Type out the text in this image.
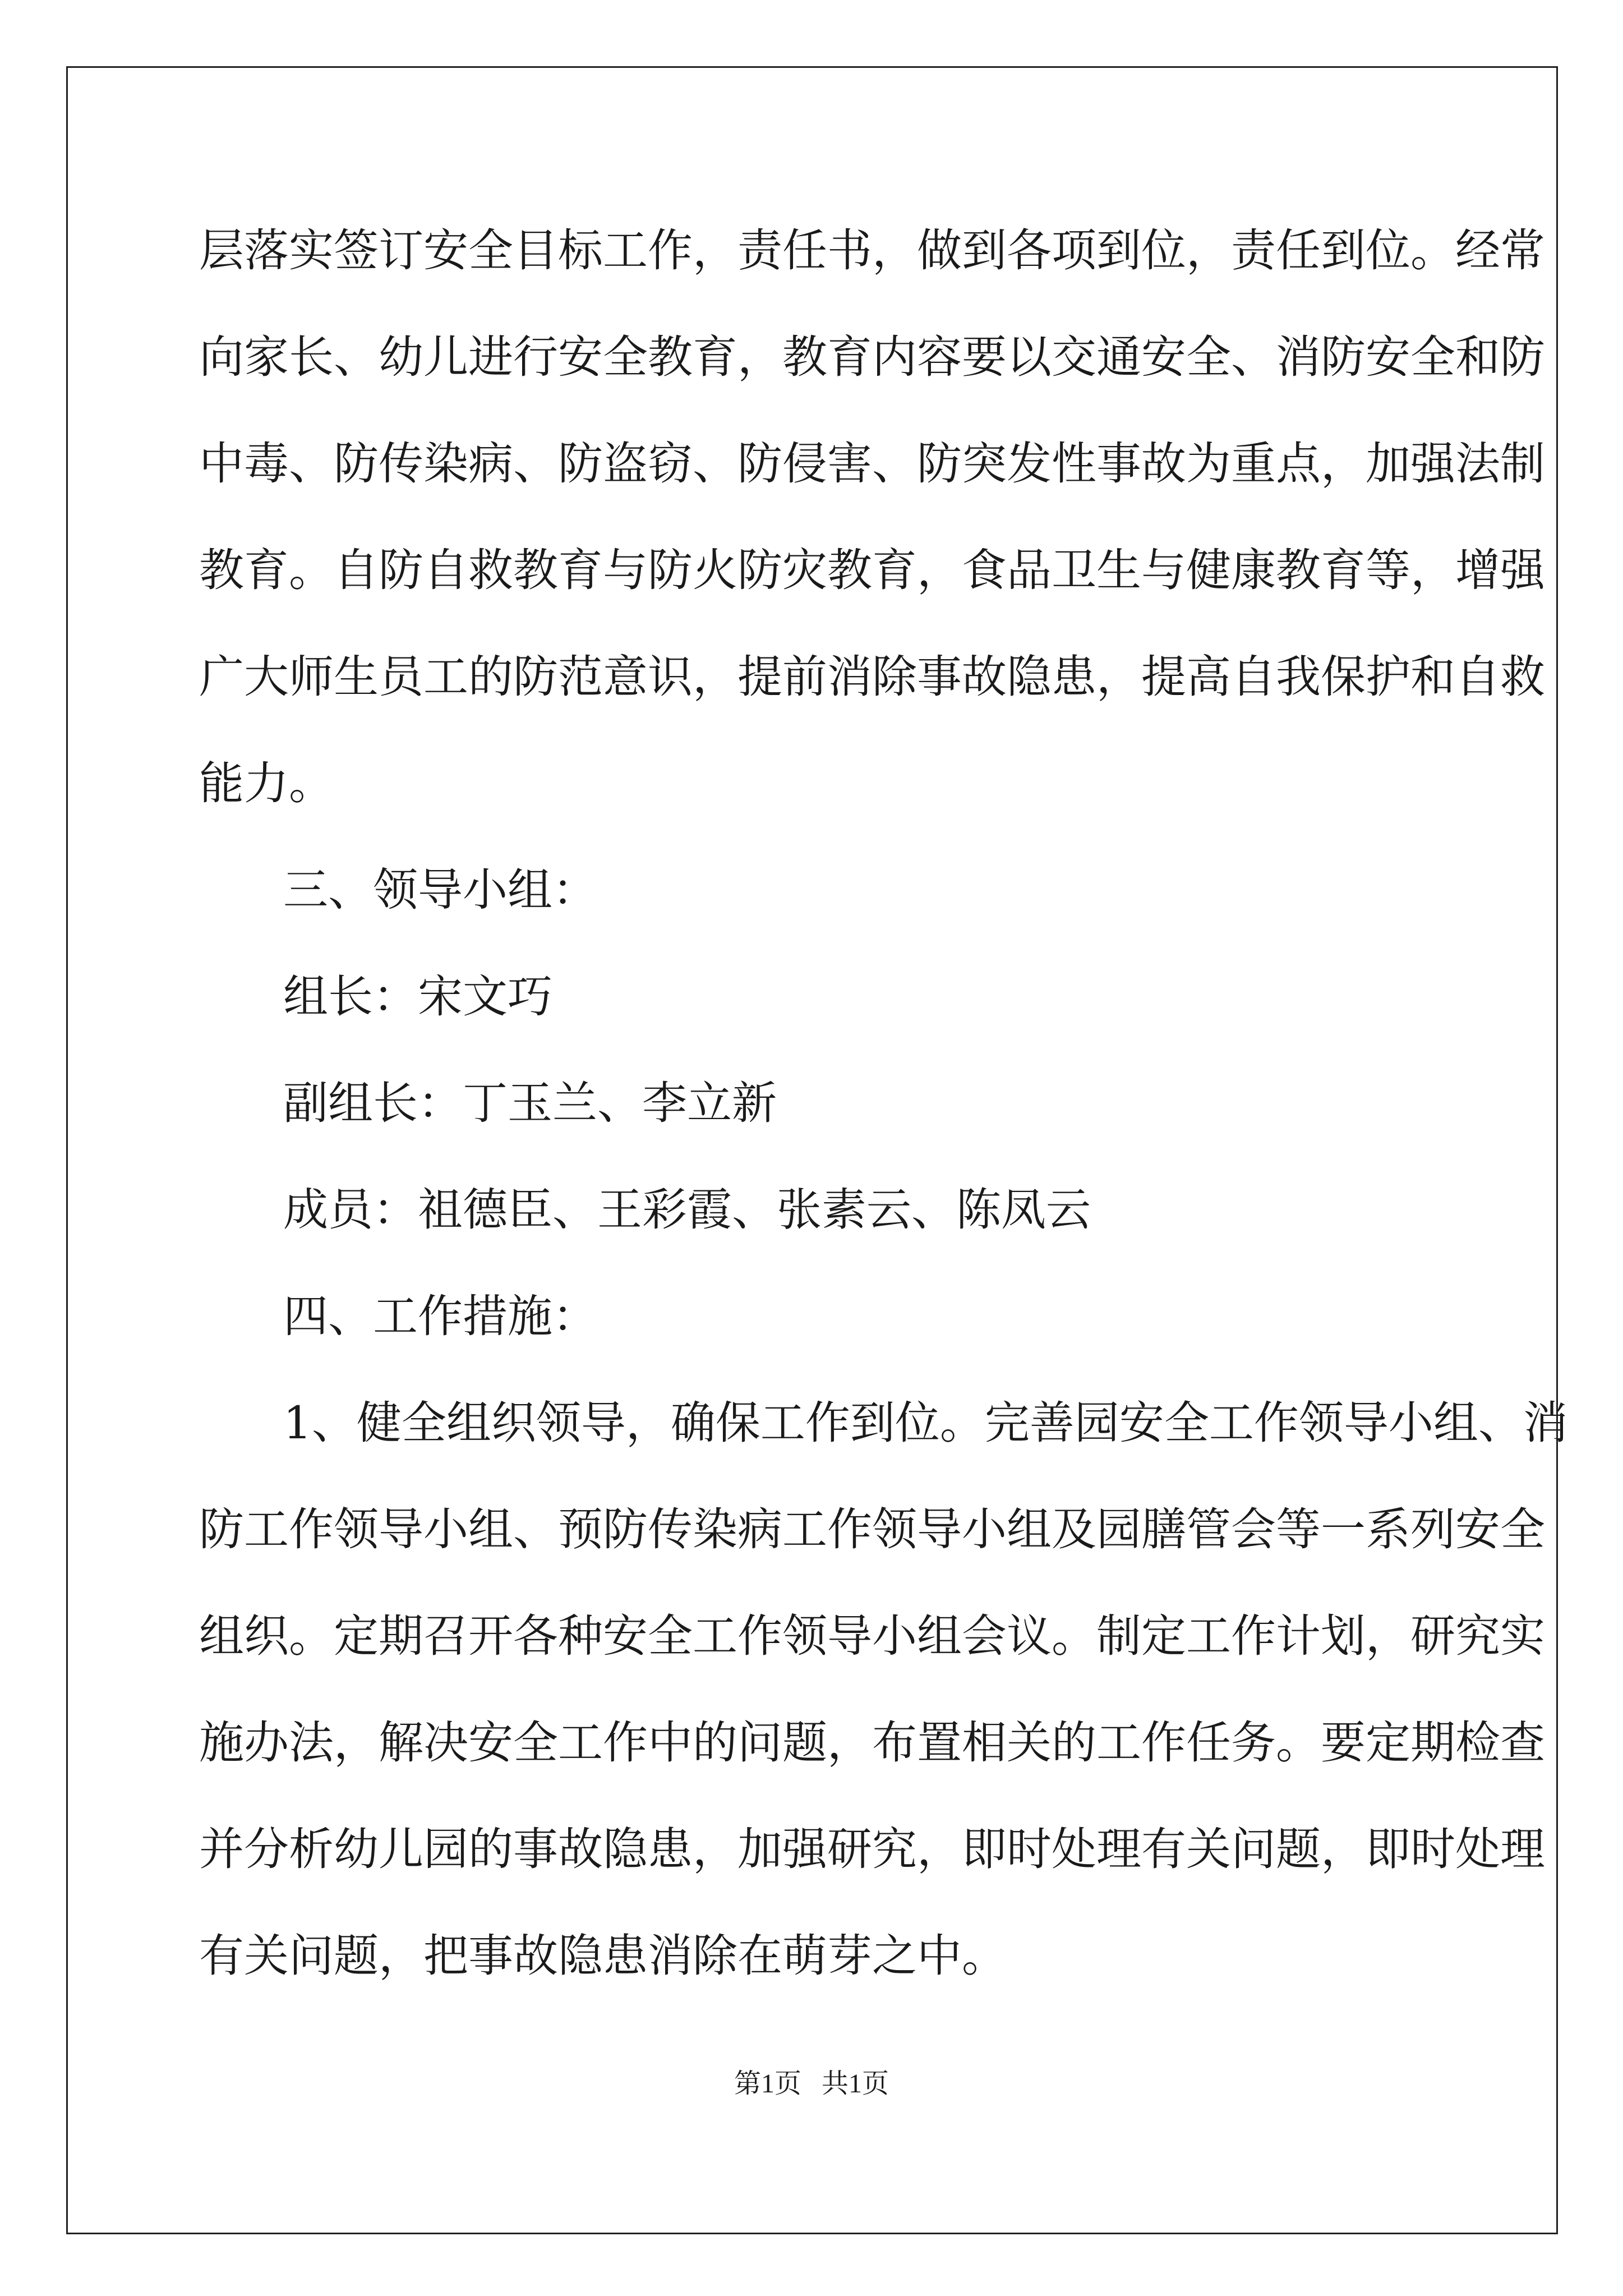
层落实签订安全目标工作，责任书，做到各项到位，责任到位。经常
向家长、幼儿进行安全教育，教育内容要以交通安全、消防安全和防
中毒、防传染病、防盗窃、防侵害、防突发性事故为重点，加强法制
教育。自防自救教育与防火防灾教育，食品卫生与健康教育等，增强
广大师生员工的防范意识，提前消除事故隐患，提高自我保护和自救
能力。
三、领导小组：
组长：宋文巧
副组长：丁玉兰、李立新
成员：祖德臣、王彩霞、张素云、陈凤云
四、工作措施：
1、健全组织领导，确保工作到位。完善园安全工作领导小组、消
防工作领导小组、预防传染病工作领导小组及园膳管会等一系列安全
组织。定期召开各种安全工作领导小组会议。制定工作计划，研究实
施办法，解决安全工作中的问题，布置相关的工作任务。要定期检查
并分析幼儿园的事故隐患，加强研究，即时处理有关问题，即时处理
有关问题，把事故隐患消除在萌芽之中。
第1页 共1页
